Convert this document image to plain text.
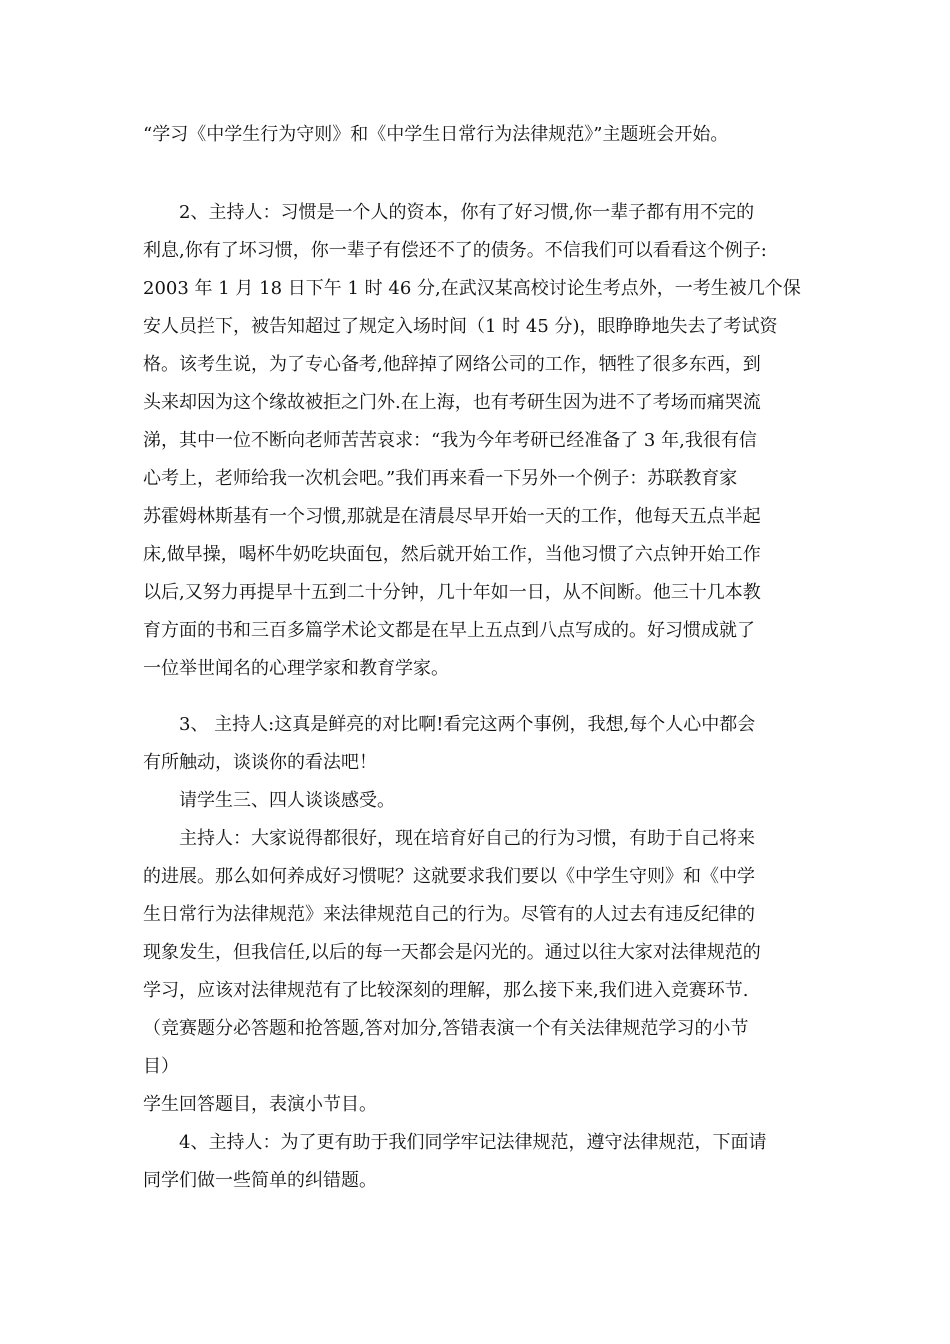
“学习《中学生行为守则》和《中学生日常行为法律规范》”主题班会开始。
2、主持人：习惯是一个人的资本，你有了好习惯,你一辈子都有用不完的
利息,你有了坏习惯，你一辈子有偿还不了的债务。不信我们可以看看这个例子:
2003 年 1 月 18 日下午 1 时 46 分,在武汉某高校讨论生考点外，一考生被几个保
安人员拦下，被告知超过了规定入场时间（1 时 45 分)，眼睁睁地失去了考试资
格。该考生说，为了专心备考,他辞掉了网络公司的工作，牺牲了很多东西，到
头来却因为这个缘故被拒之门外.在上海，也有考研生因为进不了考场而痛哭流
涕，其中一位不断向老师苦苦哀求：“我为今年考研已经准备了 3 年,我很有信
心考上，老师给我一次机会吧。”我们再来看一下另外一个例子：苏联教育家
苏霍姆林斯基有一个习惯,那就是在清晨尽早开始一天的工作，他每天五点半起
床,做早操，喝杯牛奶吃块面包，然后就开始工作，当他习惯了六点钟开始工作
以后,又努力再提早十五到二十分钟，几十年如一日，从不间断。他三十几本教
育方面的书和三百多篇学术论文都是在早上五点到八点写成的。好习惯成就了
一位举世闻名的心理学家和教育学家。
3、 主持人:这真是鲜亮的对比啊!看完这两个事例，我想,每个人心中都会
有所触动，谈谈你的看法吧！
请学生三、四人谈谈感受。
主持人：大家说得都很好，现在培育好自己的行为习惯，有助于自己将来
的进展。那么如何养成好习惯呢？这就要求我们要以《中学生守则》和《中学
生日常行为法律规范》来法律规范自己的行为。尽管有的人过去有违反纪律的
现象发生，但我信任,以后的每一天都会是闪光的。通过以往大家对法律规范的
学习，应该对法律规范有了比较深刻的理解，那么接下来,我们进入竞赛环节.
（竞赛题分必答题和抢答题,答对加分,答错表演一个有关法律规范学习的小节
目）
学生回答题目，表演小节目。
4、主持人：为了更有助于我们同学牢记法律规范，遵守法律规范，下面请
同学们做一些简单的纠错题。
